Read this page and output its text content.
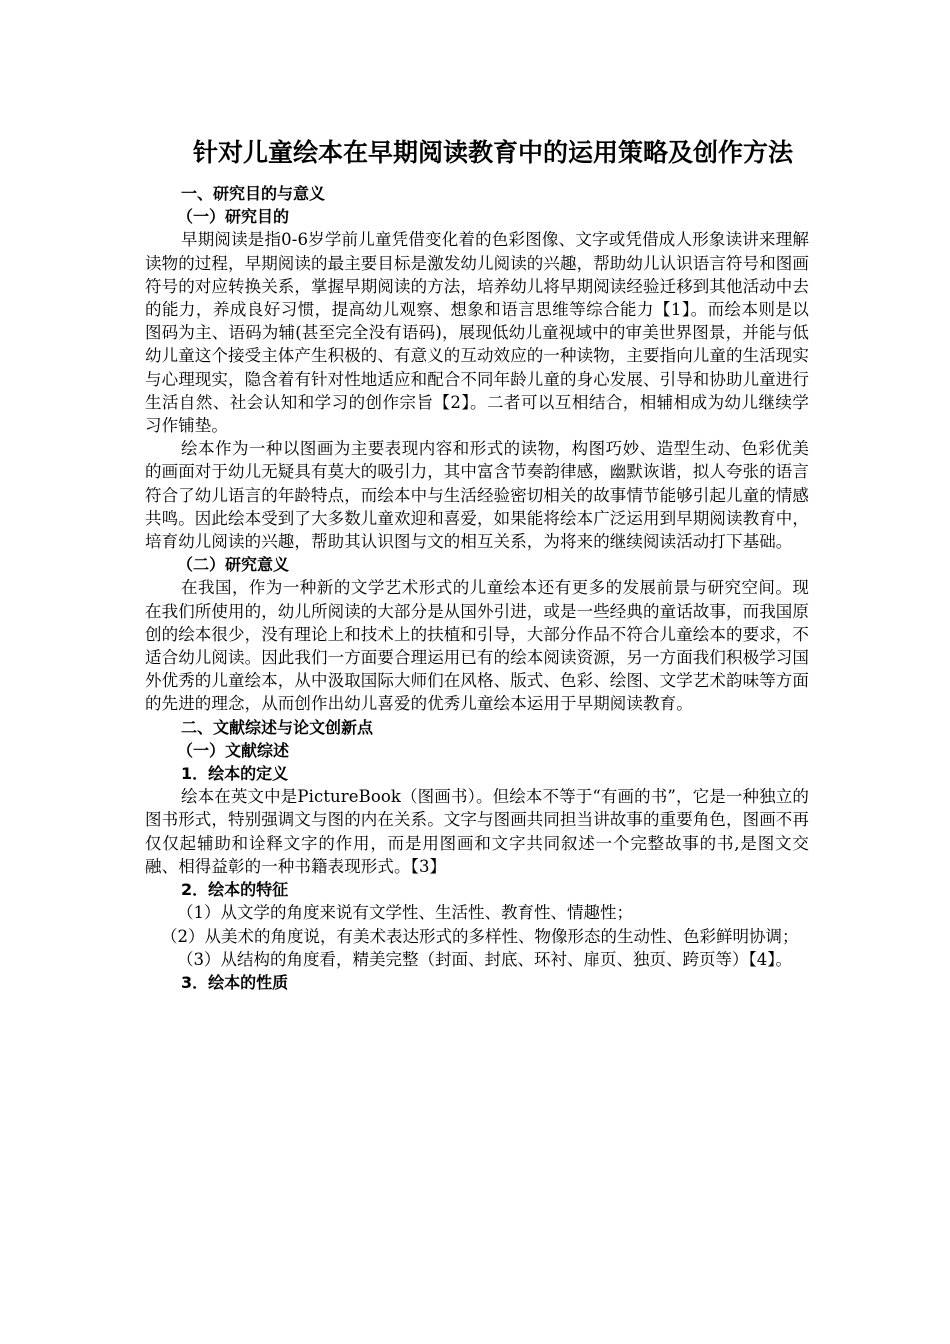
针对儿童绘本在早期阅读教育中的运用策略及创作方法
一、研究目的与意义
（一）研究目的

早期阅读是指0-6岁学前儿童凭借变化着的色彩图像、文字或凭借成人形象读讲来理解读物的过程，早期阅读的最主要目标是激发幼儿阅读的兴趣，帮助幼儿认识语言符号和图画符号的对应转换关系，掌握早期阅读的方法，培养幼儿将早期阅读经验迁移到其他活动中去的能力，养成良好习惯，提高幼儿观察、想象和语言思维等综合能力【1】。而绘本则是以图码为主、语码为辅(甚至完全没有语码)，展现低幼儿童视域中的审美世界图景，并能与低幼儿童这个接受主体产生积极的、有意义的互动效应的一种读物，主要指向儿童的生活现实与心理现实，隐含着有针对性地适应和配合不同年龄儿童的身心发展、引导和协助儿童进行生活自然、社会认知和学习的创作宗旨【2】。二者可以互相结合，相辅相成为幼儿继续学习作铺垫。

绘本作为一种以图画为主要表现内容和形式的读物，构图巧妙、造型生动、色彩优美的画面对于幼儿无疑具有莫大的吸引力，其中富含节奏韵律感，幽默诙谐，拟人夸张的语言符合了幼儿语言的年龄特点，而绘本中与生活经验密切相关的故事情节能够引起儿童的情感共鸣。因此绘本受到了大多数儿童欢迎和喜爱，如果能将绘本广泛运用到早期阅读教育中，培育幼儿阅读的兴趣，帮助其认识图与文的相互关系，为将来的继续阅读活动打下基础。

（二）研究意义

在我国，作为一种新的文学艺术形式的儿童绘本还有更多的发展前景与研究空间。现在我们所使用的，幼儿所阅读的大部分是从国外引进，或是一些经典的童话故事，而我国原创的绘本很少，没有理论上和技术上的扶植和引导，大部分作品不符合儿童绘本的要求，不适合幼儿阅读。因此我们一方面要合理运用已有的绘本阅读资源，另一方面我们积极学习国外优秀的儿童绘本，从中汲取国际大师们在风格、版式、色彩、绘图、文学艺术韵味等方面的先进的理念，从而创作出幼儿喜爱的优秀儿童绘本运用于早期阅读教育。

二、文献综述与论文创新点
（一）文献综述
1．绘本的定义

绘本在英文中是PictureBook（图画书）。但绘本不等于“有画的书”，它是一种独立的图书形式，特别强调文与图的内在关系。文字与图画共同担当讲故事的重要角色，图画不再仅仅起辅助和诠释文字的作用，而是用图画和文字共同叙述一个完整故事的书,是图文交融、相得益彰的一种书籍表现形式。【3】

2．绘本的特征

（1）从文学的角度来说有文学性、生活性、教育性、情趣性；

（2）从美术的角度说，有美术表达形式的多样性、物像形态的生动性、色彩鲜明协调；

（3）从结构的角度看，精美完整（封面、封底、环衬、扉页、独页、跨页等）【4】。

3．绘本的性质
